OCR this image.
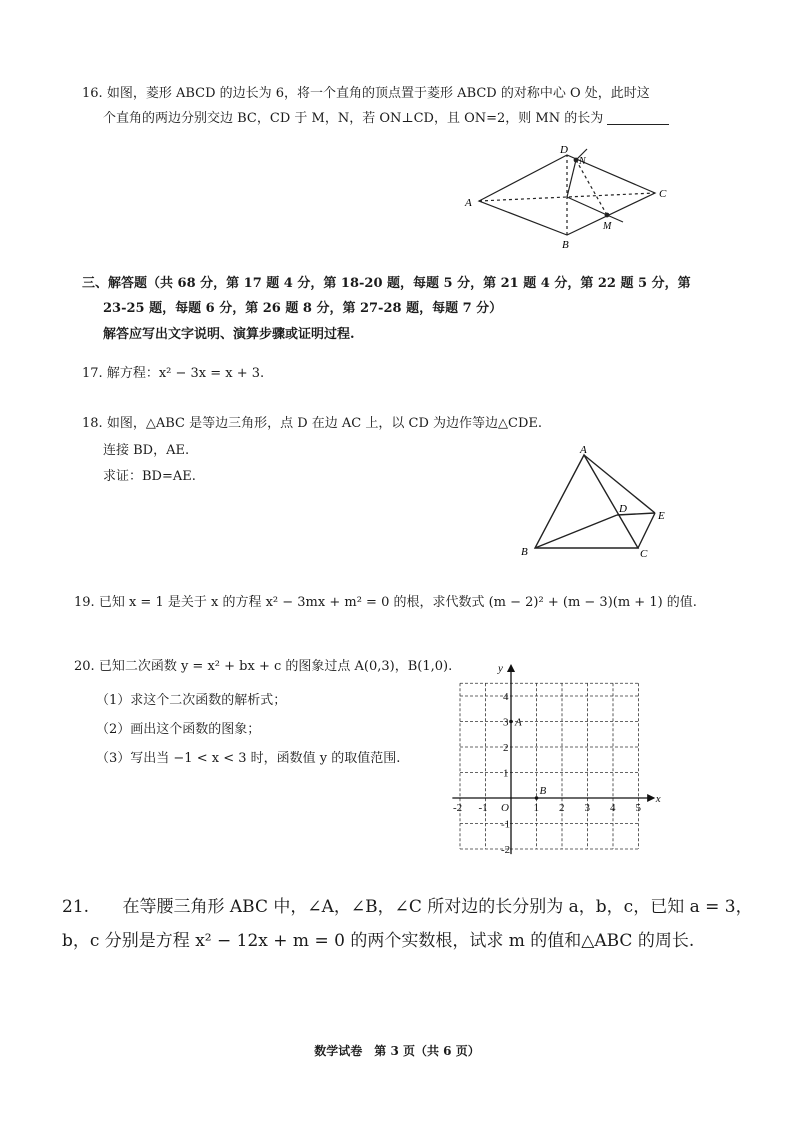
16. 如图，菱形 ABCD 的边长为 6，将一个直角的顶点置于菱形 ABCD 的对称中心 O 处，此时这
个直角的两边分别交边 BC，CD 于 M，N，若 ON⊥CD，且 ON=2，则 MN 的长为
A
B
C
D
N
M
三、解答题（共 68 分，第 17 题 4 分，第 18-20 题，每题 5 分，第 21 题 4 分，第 22 题 5 分，第
23-25 题，每题 6 分，第 26 题 8 分，第 27-28 题，每题 7 分）
解答应写出文字说明、演算步骤或证明过程.
17. 解方程：x² − 3x = x + 3.
18. 如图，△ABC 是等边三角形，点 D 在边 AC 上，以 CD 为边作等边△CDE.
连接 BD，AE.
求证：BD=AE.
A
B	C
D
E
19. 已知 x = 1 是关于 x 的方程 x² − 3mx + m² = 0 的根，求代数式 (m − 2)² + (m − 3)(m + 1) 的值.
20. 已知二次函数 y = x² + bx + c 的图象过点 A(0,3)，B(1,0).
（1）求这个二次函数的解析式；
（2）画出这个函数的图象；
（3）写出当 −1 < x < 3 时，函数值 y 的取值范围.
-2 -1	1 2 3 4 5
4
3
2
1
-1
-2
O
x
y
A
B
21. 在等腰三角形 ABC 中，∠A，∠B，∠C 所对边的长分别为 a，b，c，已知 a = 3，
b，c 分别是方程 x² − 12x + m = 0 的两个实数根，试求 m 的值和△ABC 的周长.
数学试卷　第 3 页（共 6 页）
